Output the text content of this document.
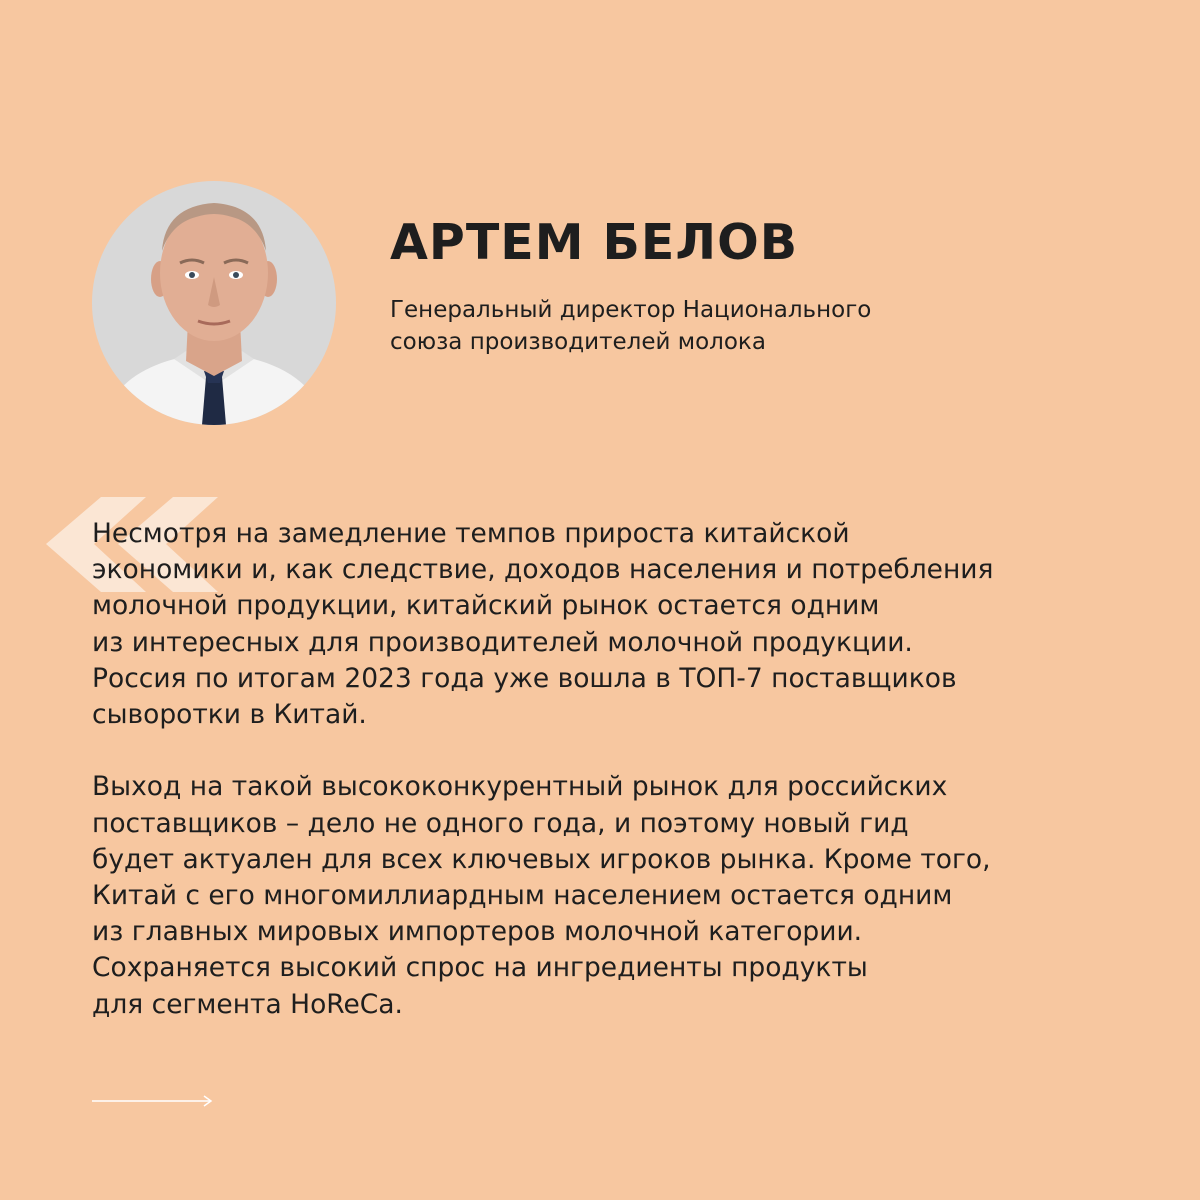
АРТЕМ БЕЛОВ

Генеральный директор Национального
союза производителей молока

Несмотря на замедление темпов прироста китайской
экономики и, как следствие, доходов населения и потребления
молочной продукции, китайский рынок остается одним
из интересных для производителей молочной продукции.
Россия по итогам 2023 года уже вошла в ТОП-7 поставщиков
сыворотки в Китай.
Выход на такой высококонкурентный рынок для российских
поставщиков – дело не одного года, и поэтому новый гид
будет актуален для всех ключевых игроков рынка. Кроме того,
Китай с его многомиллиардным населением остается одним
из главных мировых импортеров молочной категории.
Сохраняется высокий спрос на ингредиенты продукты
для сегмента HoReCa.
